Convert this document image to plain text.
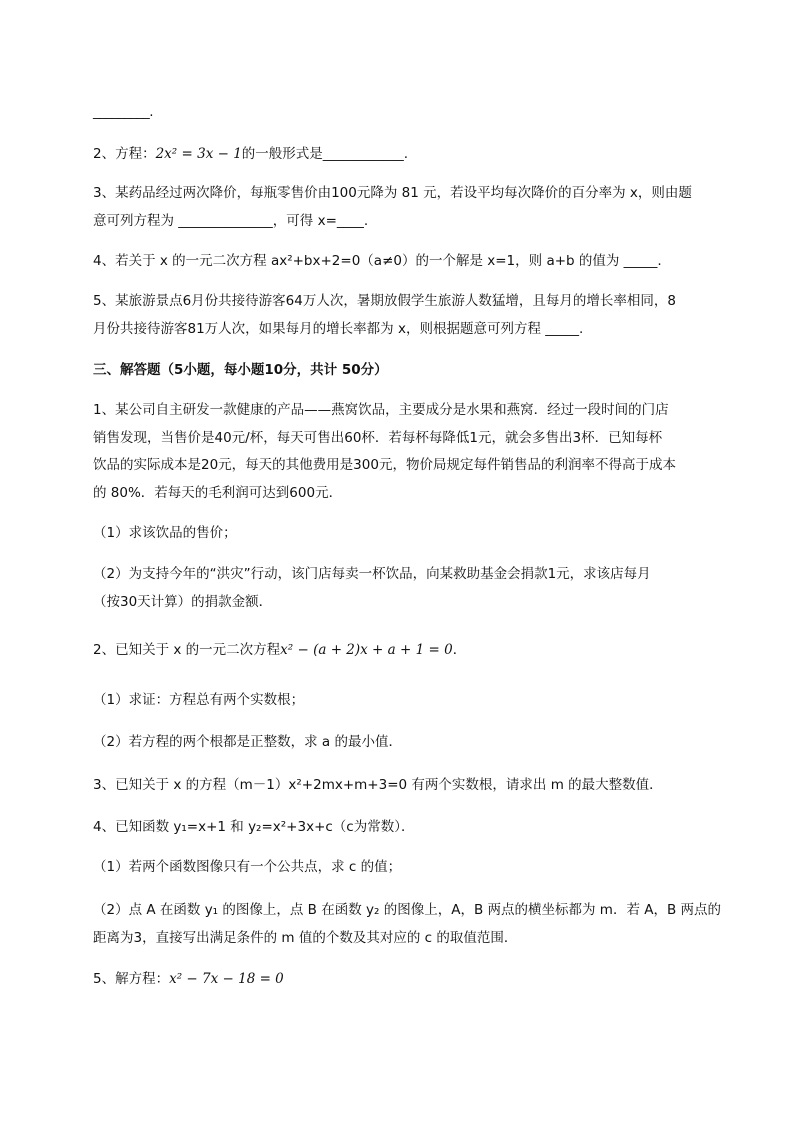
_________.
2、方程：2x² = 3x − 1的一般形式是____________.
3、某药品经过两次降价，每瓶零售价由100元降为 81 元，若设平均每次降价的百分率为 x，则由题
意可列方程为 ______________，可得 x=____.
4、若关于 x 的一元二次方程 ax²+bx+2=0（a≠0）的一个解是 x=1，则 a+b 的值为 _____.
5、某旅游景点6月份共接待游客64万人次，暑期放假学生旅游人数猛增，且每月的增长率相同，8
月份共接待游客81万人次，如果每月的增长率都为 x，则根据题意可列方程 _____.
三、解答题（5小题，每小题10分，共计 50分）
1、某公司自主研发一款健康的产品——燕窝饮品，主要成分是水果和燕窝．经过一段时间的门店
销售发现，当售价是40元/杯，每天可售出60杯．若每杯每降低1元，就会多售出3杯．已知每杯
饮品的实际成本是20元，每天的其他费用是300元，物价局规定每件销售品的利润率不得高于成本
的 80%．若每天的毛利润可达到600元．
（1）求该饮品的售价；
（2）为支持今年的“洪灾”行动，该门店每卖一杯饮品，向某救助基金会捐款1元，求该店每月
（按30天计算）的捐款金额．
2、已知关于 x 的一元二次方程x² − (a + 2)x + a + 1 = 0．
（1）求证：方程总有两个实数根；
（2）若方程的两个根都是正整数，求 a 的最小值．
3、已知关于 x 的方程（m－1）x²+2mx+m+3=0 有两个实数根，请求出 m 的最大整数值．
4、已知函数 y₁=x+1 和 y₂=x²+3x+c（c为常数）．
（1）若两个函数图像只有一个公共点，求 c 的值；
（2）点 A 在函数 y₁ 的图像上，点 B 在函数 y₂ 的图像上，A，B 两点的横坐标都为 m．若 A，B 两点的
距离为3，直接写出满足条件的 m 值的个数及其对应的 c 的取值范围．
5、解方程：x² − 7x − 18 = 0
